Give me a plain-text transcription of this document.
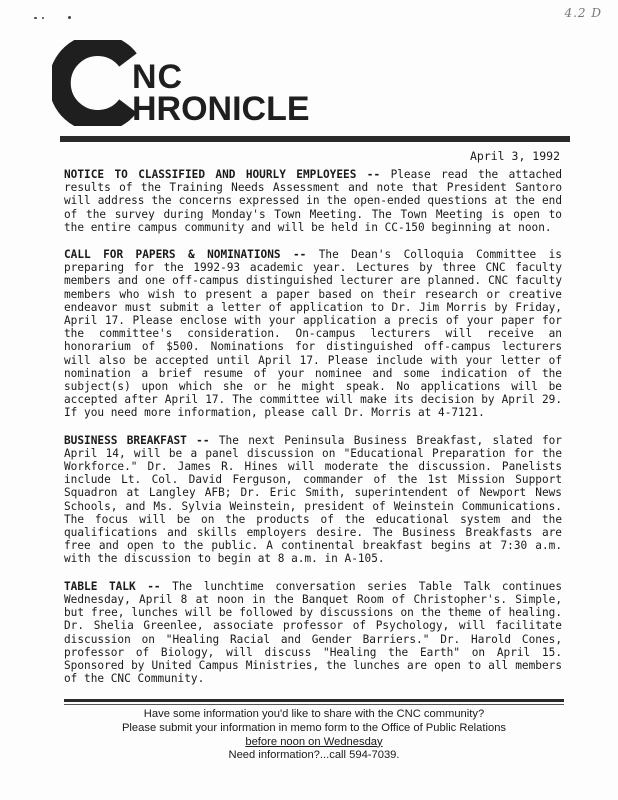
4.2 D
NC
HRONICLE
April 3, 1992

NOTICE TO CLASSIFIED AND HOURLY EMPLOYEES -- Please read the attached results of the Training Needs Assessment and note that President Santoro will address the concerns expressed in the open-ended questions at the end of the survey during Monday's Town Meeting. The Town Meeting is open to the entire campus community and will be held in CC-150 beginning at noon.

CALL FOR PAPERS & NOMINATIONS -- The Dean's Colloquia Committee is preparing for the 1992-93 academic year. Lectures by three CNC faculty members and one off-campus distinguished lecturer are planned. CNC faculty members who wish to present a paper based on their research or creative endeavor must submit a letter of application to Dr. Jim Morris by Friday, April 17. Please enclose with your application a precis of your paper for the committee's consideration. On-campus lecturers will receive an honorarium of $500. Nominations for distinguished off-campus lecturers will also be accepted until April 17. Please include with your letter of nomination a brief resume of your nominee and some indication of the subject(s) upon which she or he might speak. No applications will be accepted after April 17. The committee will make its decision by April 29. If you need more information, please call Dr. Morris at 4-7121.

BUSINESS BREAKFAST -- The next Peninsula Business Breakfast, slated for April 14, will be a panel discussion on "Educational Preparation for the Workforce." Dr. James R. Hines will moderate the discussion. Panelists include Lt. Col. David Ferguson, commander of the 1st Mission Support Squadron at Langley AFB; Dr. Eric Smith, superintendent of Newport News Schools, and Ms. Sylvia Weinstein, president of Weinstein Communications. The focus will be on the products of the educational system and the qualifications and skills employers desire. The Business Breakfasts are free and open to the public. A continental breakfast begins at 7:30 a.m. with the discussion to begin at 8 a.m. in A-105.

TABLE TALK -- The lunchtime conversation series Table Talk continues Wednesday, April 8 at noon in the Banquet Room of Christopher's. Simple, but free, lunches will be followed by discussions on the theme of healing. Dr. Shelia Greenlee, associate professor of Psychology, will facilitate discussion on "Healing Racial and Gender Barriers." Dr. Harold Cones, professor of Biology, will discuss "Healing the Earth" on April 15. Sponsored by United Campus Ministries, the lunches are open to all members of the CNC Community.

Have some information you'd like to share with the CNC community?
Please submit your information in memo form to the Office of Public Relations
before noon on Wednesday
Need information?...call 594-7039.
